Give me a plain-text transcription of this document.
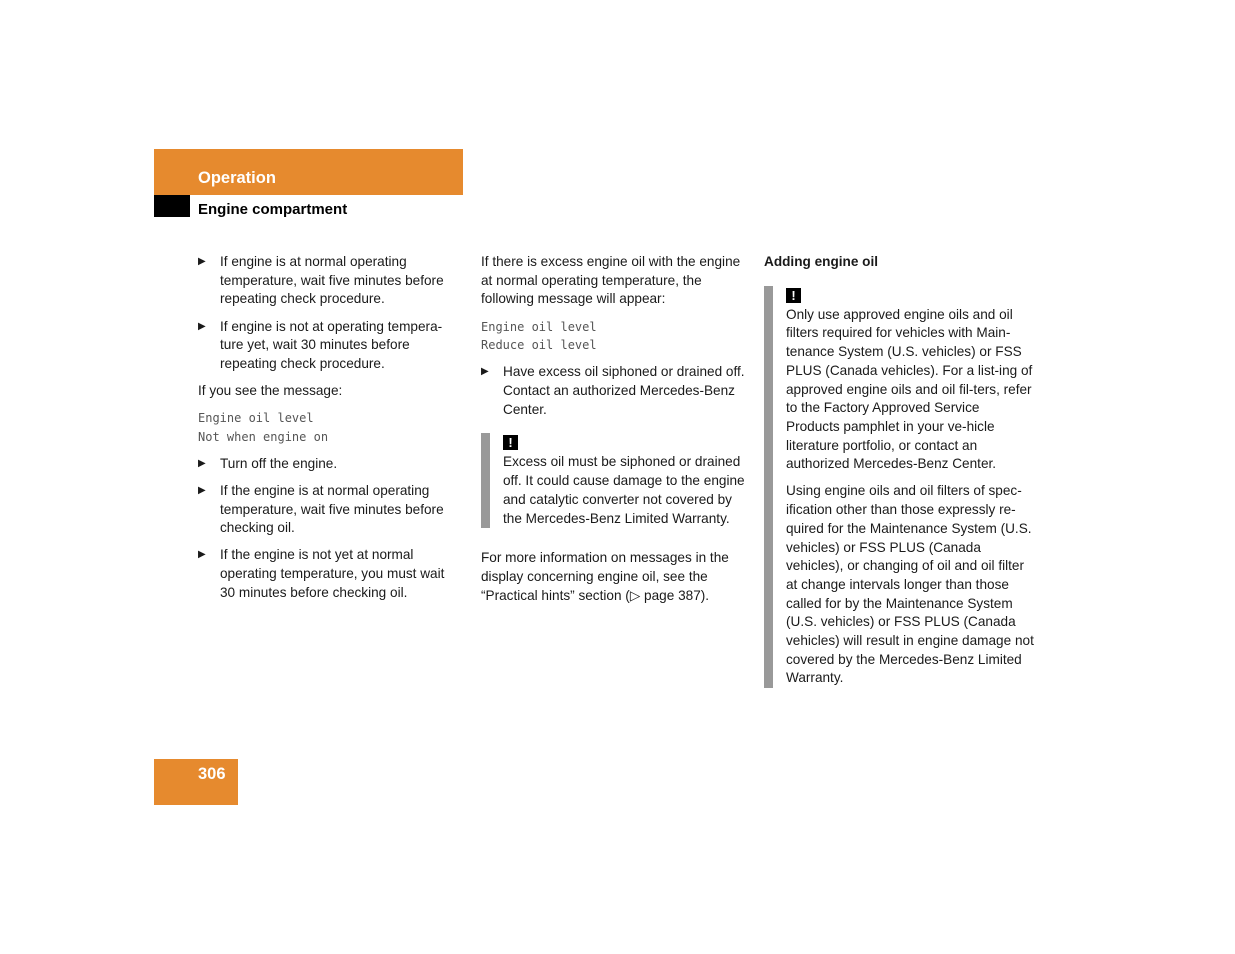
Operation
Engine compartment
▶ If engine is at normal operating temperature, wait five minutes before repeating check procedure.
▶ If engine is not at operating tempera-ture yet, wait 30 minutes before repeating check procedure.

If you see the message:

Engine oil level
Not when engine on
▶ Turn off the engine.
▶ If the engine is at normal operating temperature, wait five minutes before checking oil.
▶ If the engine is not yet at normal operating temperature, you must wait 30 minutes before checking oil.

If there is excess engine oil with the engine at normal operating temperature, the following message will appear:

Engine oil level
Reduce oil level
▶ Have excess oil siphoned or drained off. Contact an authorized Mercedes-Benz Center.
!

Excess oil must be siphoned or drained off. It could cause damage to the engine and catalytic converter not covered by the Mercedes-Benz Limited Warranty.

For more information on messages in the display concerning engine oil, see the “Practical hints” section (▷ page 387).

Adding engine oil
!

Only use approved engine oils and oil filters required for vehicles with Main-tenance System (U.S. vehicles) or FSS PLUS (Canada vehicles). For a list-ing of approved engine oils and oil fil-ters, refer to the Factory Approved Service Products pamphlet in your ve-hicle literature portfolio, or contact an authorized Mercedes-Benz Center.

Using engine oils and oil filters of spec-ification other than those expressly re-quired for the Maintenance System (U.S. vehicles) or FSS PLUS (Canada vehicles), or changing of oil and oil filter at change intervals longer than those called for by the Maintenance System (U.S. vehicles) or FSS PLUS (Canada vehicles) will result in engine damage not covered by the Mercedes-Benz Limited Warranty.

306
